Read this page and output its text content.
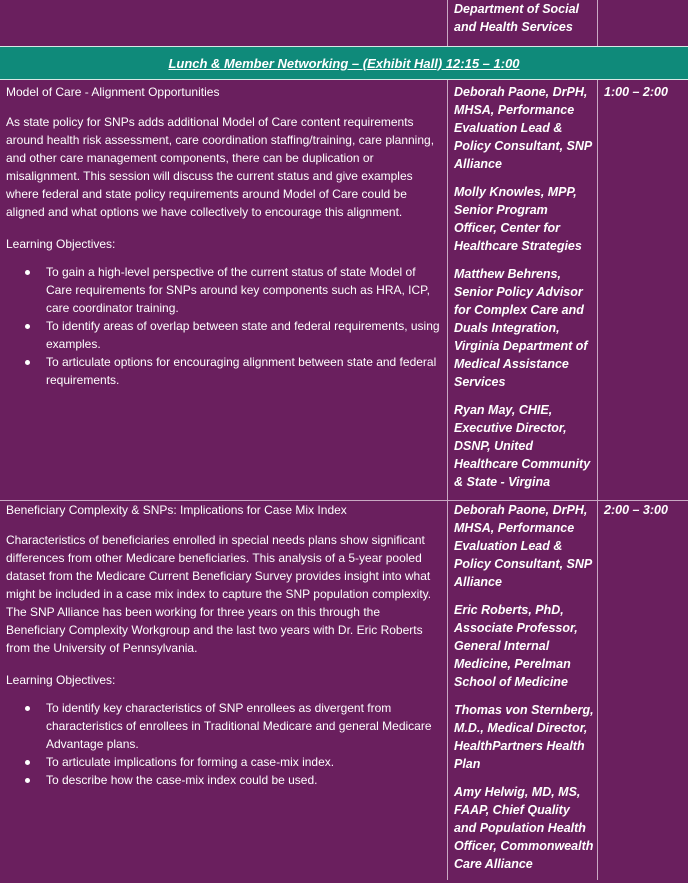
Department of Social and Health Services
Lunch & Member Networking – (Exhibit Hall) 12:15 – 1:00

Model of Care - Alignment Opportunities

As state policy for SNPs adds additional Model of Care content requirements around health risk assessment, care coordination staffing/training, care planning, and other care management components, there can be duplication or misalignment. This session will discuss the current status and give examples where federal and state policy requirements around Model of Care could be aligned and what options we have collectively to encourage this alignment.

Learning Objectives:

To gain a high-level perspective of the current status of state Model of Care requirements for SNPs around key components such as HRA, ICP, care coordinator training.
To identify areas of overlap between state and federal requirements, using examples.
To articulate options for encouraging alignment between state and federal requirements.

Deborah Paone, DrPH, MHSA, Performance Evaluation Lead & Policy Consultant, SNP Alliance

Molly Knowles, MPP, Senior Program Officer, Center for Healthcare Strategies

Matthew Behrens, Senior Policy Advisor for Complex Care and Duals Integration, Virginia Department of Medical Assistance Services

Ryan May, CHIE, Executive Director, DSNP, United Healthcare Community & State - Virgina

1:00 – 2:00

Beneficiary Complexity & SNPs: Implications for Case Mix Index

Characteristics of beneficiaries enrolled in special needs plans show significant differences from other Medicare beneficiaries. This analysis of a 5-year pooled dataset from the Medicare Current Beneficiary Survey provides insight into what might be included in a case mix index to capture the SNP population complexity. The SNP Alliance has been working for three years on this through the Beneficiary Complexity Workgroup and the last two years with Dr. Eric Roberts from the University of Pennsylvania.

Learning Objectives:

To identify key characteristics of SNP enrollees as divergent from characteristics of enrollees in Traditional Medicare and general Medicare Advantage plans.
To articulate implications for forming a case-mix index.
To describe how the case-mix index could be used.

Deborah Paone, DrPH, MHSA, Performance Evaluation Lead & Policy Consultant, SNP Alliance

Eric Roberts, PhD, Associate Professor, General Internal Medicine, Perelman School of Medicine

Thomas von Sternberg, M.D., Medical Director, HealthPartners Health Plan

Amy Helwig, MD, MS, FAAP, Chief Quality and Population Health Officer, Commonwealth Care Alliance

2:00 – 3:00
